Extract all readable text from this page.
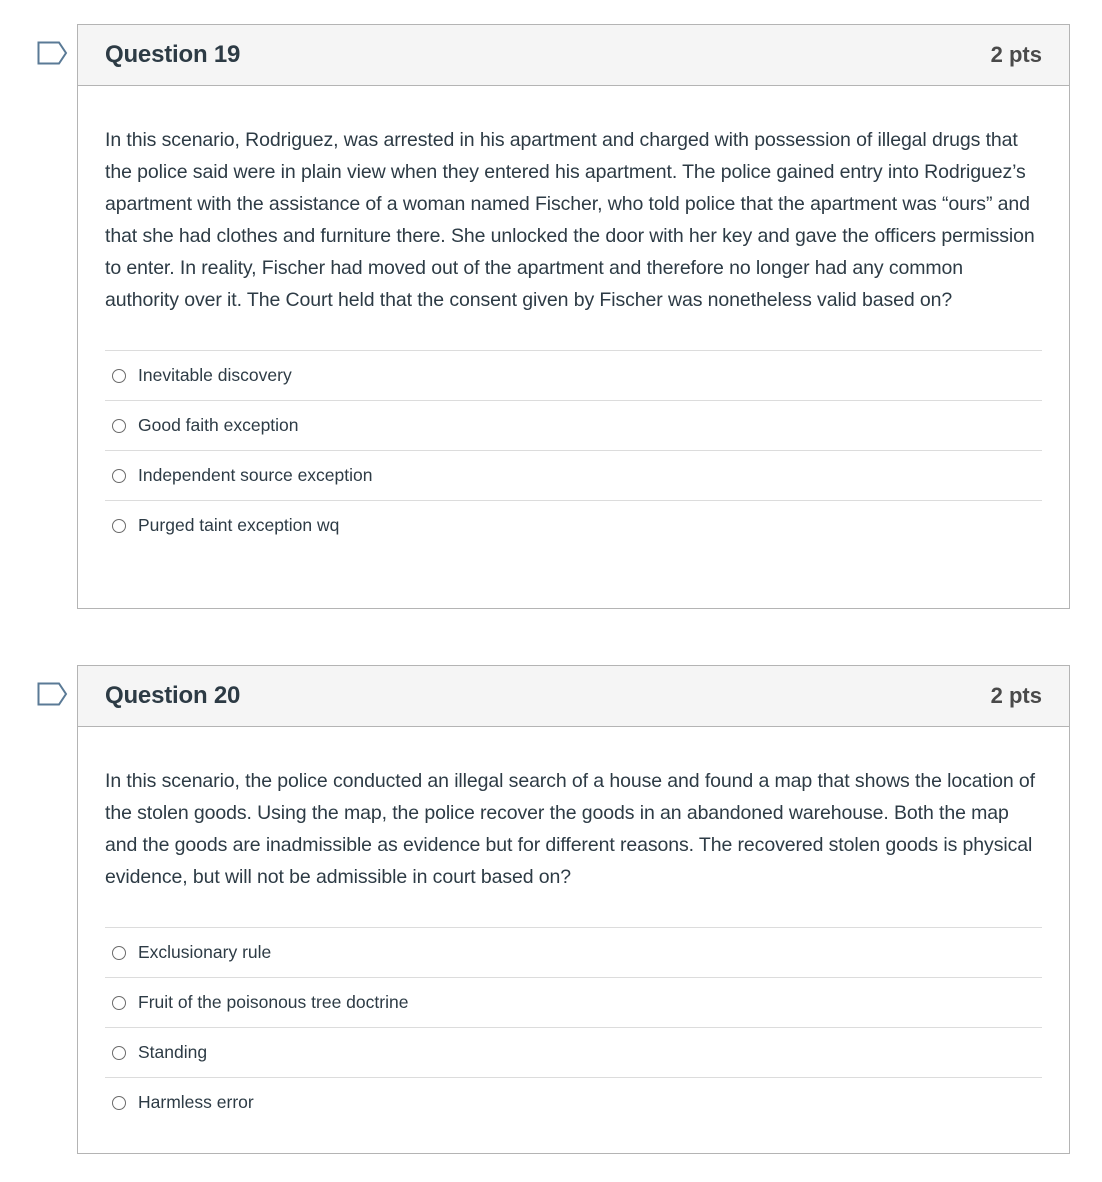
Question 19	2 pts

In this scenario, Rodriguez, was arrested in his apartment and charged with possession of illegal drugs that the police said were in plain view when they entered his apartment. The police gained entry into Rodriguez’s apartment with the assistance of a woman named Fischer, who told police that the apartment was “ours” and that she had clothes and furniture there. She unlocked the door with her key and gave the officers permission to enter. In reality, Fischer had moved out of the apartment and therefore no longer had any common authority over it. The Court held that the consent given by Fischer was nonetheless valid based on?

Inevitable discovery
Good faith exception
Independent source exception
Purged taint exception wq
Question 20	2 pts

In this scenario, the police conducted an illegal search of a house and found a map that shows the location of the stolen goods. Using the map, the police recover the goods in an abandoned warehouse. Both the map and the goods are inadmissible as evidence but for different reasons. The recovered stolen goods is physical evidence, but will not be admissible in court based on?

Exclusionary rule
Fruit of the poisonous tree doctrine
Standing
Harmless error
